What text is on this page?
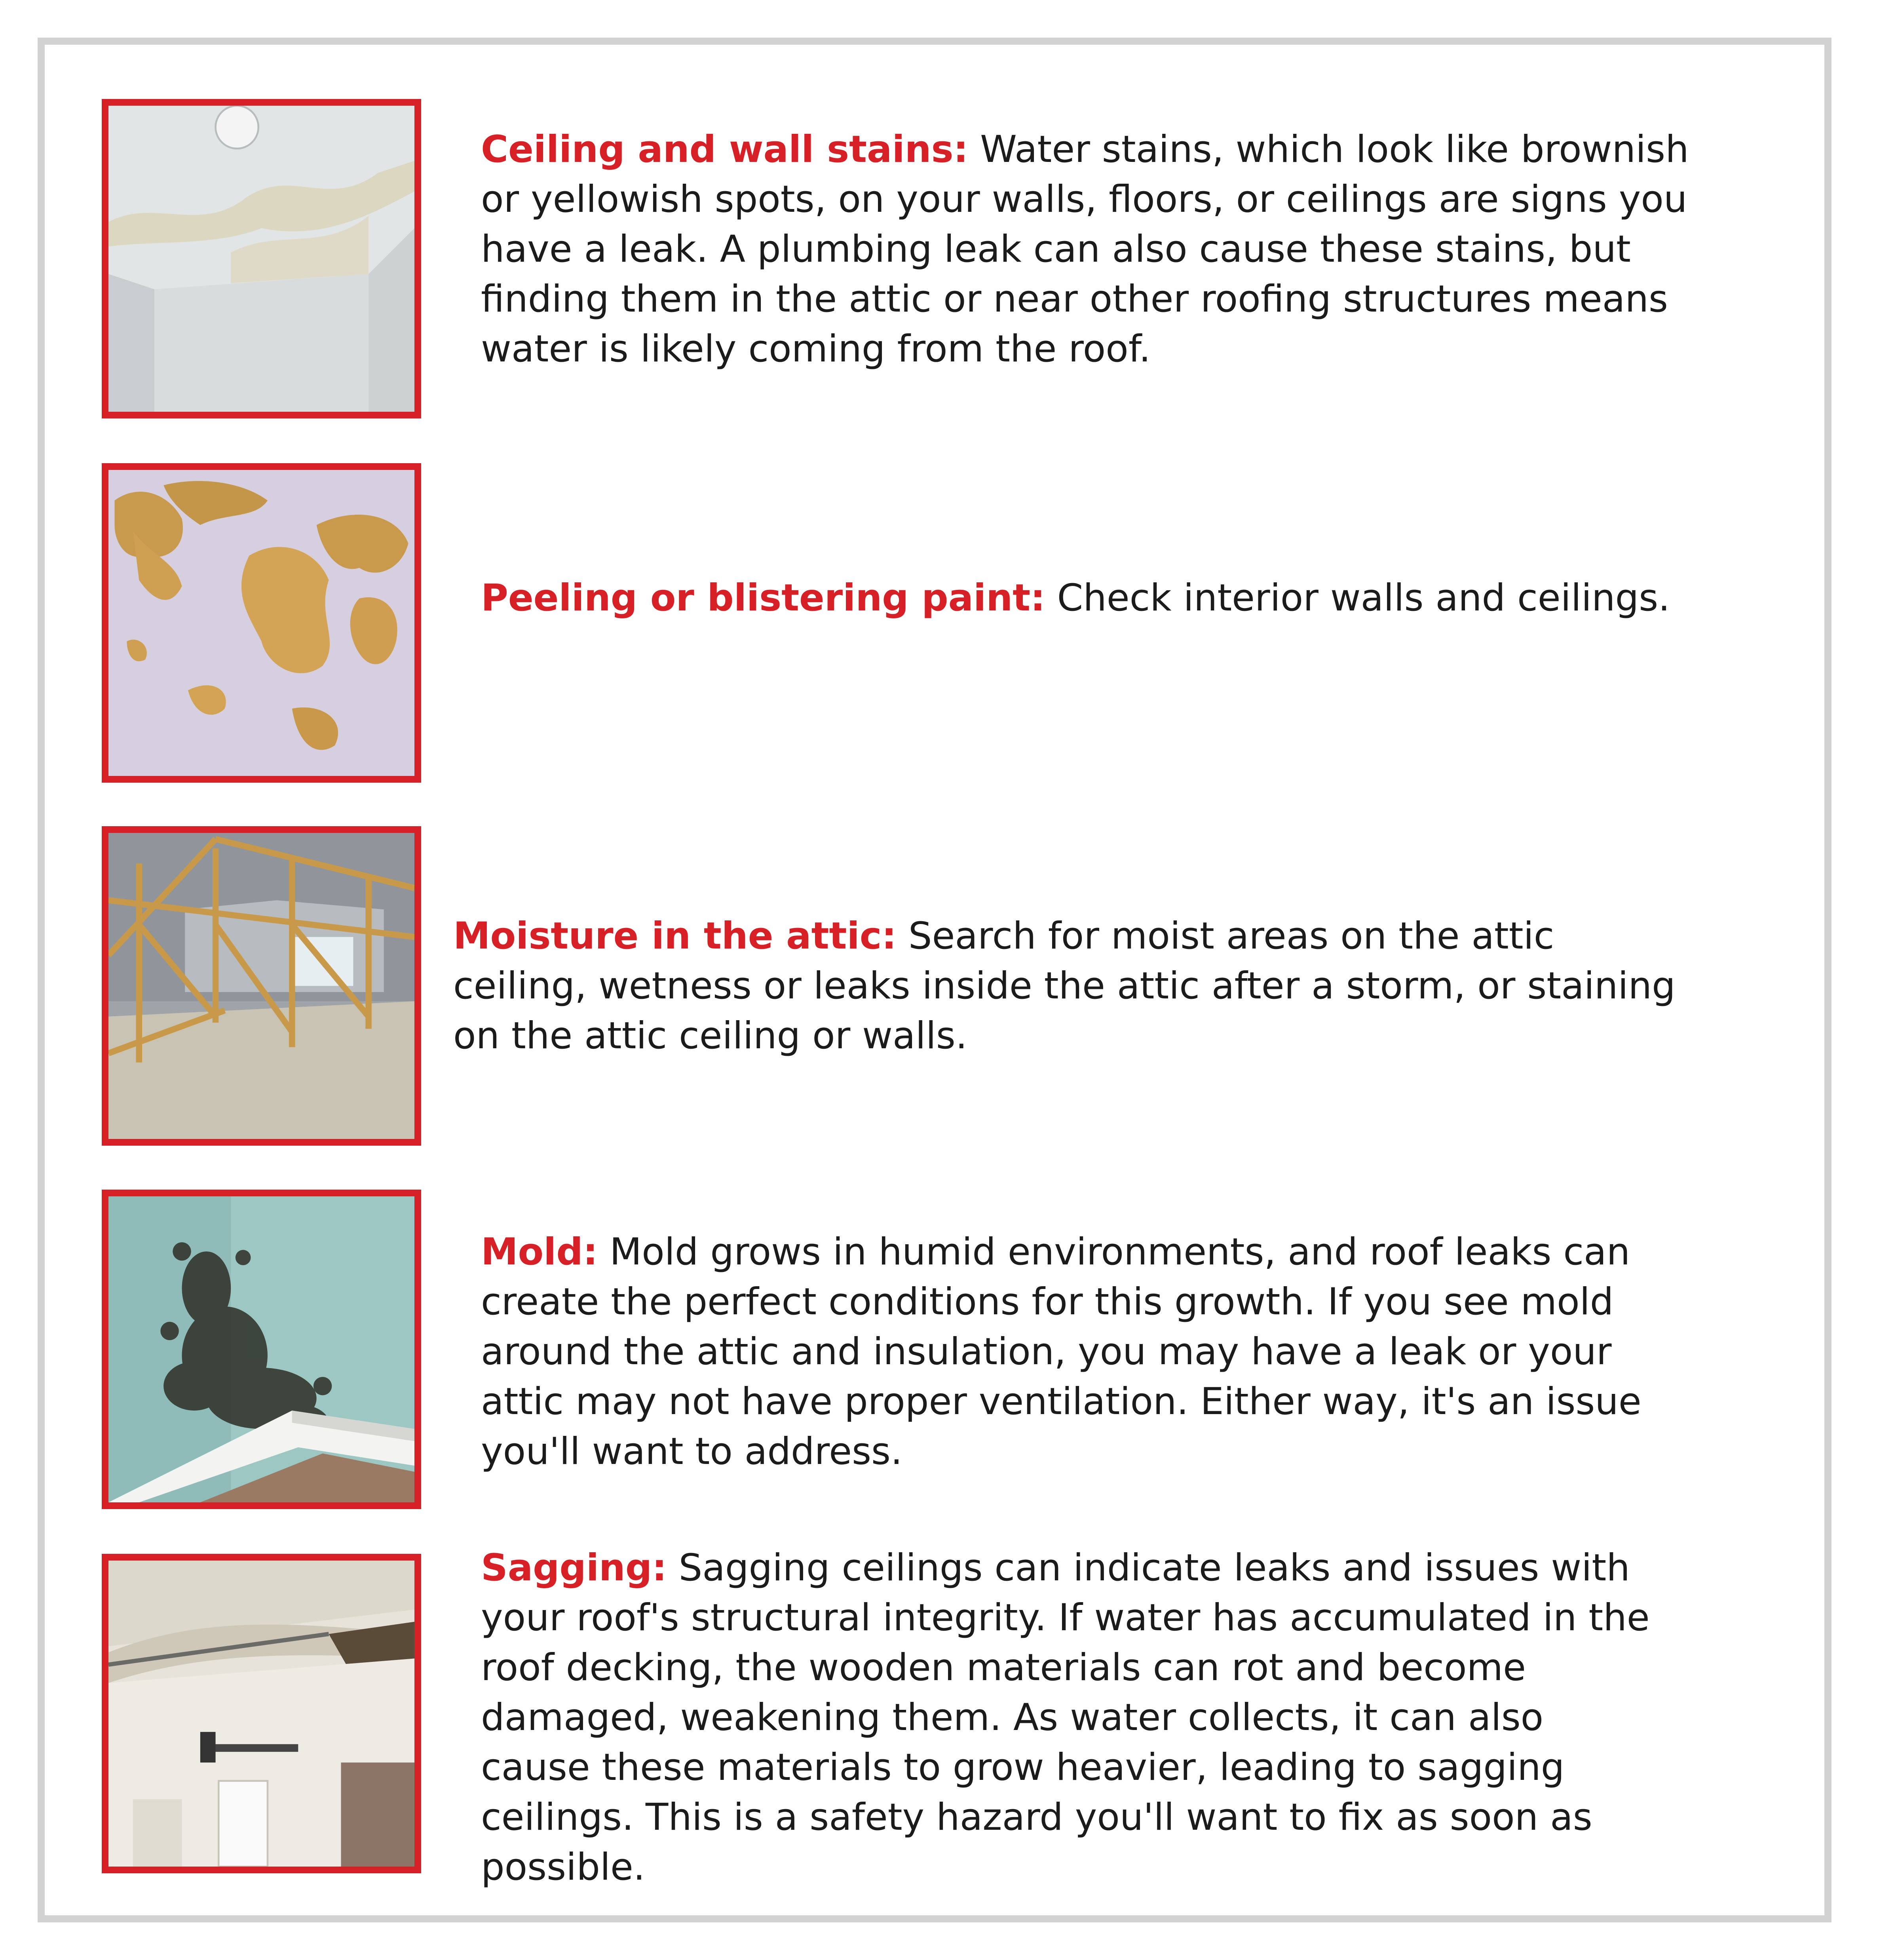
Ceiling and wall stains: Water stains, which look like brownish
or yellowish spots, on your walls, floors, or ceilings are signs you
have a leak. A plumbing leak can also cause these stains, but
finding them in the attic or near other roofing structures means
water is likely coming from the roof.
Peeling or blistering paint: Check interior walls and ceilings.
Moisture in the attic: Search for moist areas on the attic
ceiling, wetness or leaks inside the attic after a storm, or staining
on the attic ceiling or walls.
Mold: Mold grows in humid environments, and roof leaks can
create the perfect conditions for this growth. If you see mold
around the attic and insulation, you may have a leak or your
attic may not have proper ventilation. Either way, it's an issue
you'll want to address.
Sagging: Sagging ceilings can indicate leaks and issues with
your roof's structural integrity. If water has accumulated in the
roof decking, the wooden materials can rot and become
damaged, weakening them. As water collects, it can also
cause these materials to grow heavier, leading to sagging
ceilings. This is a safety hazard you'll want to fix as soon as
possible.
